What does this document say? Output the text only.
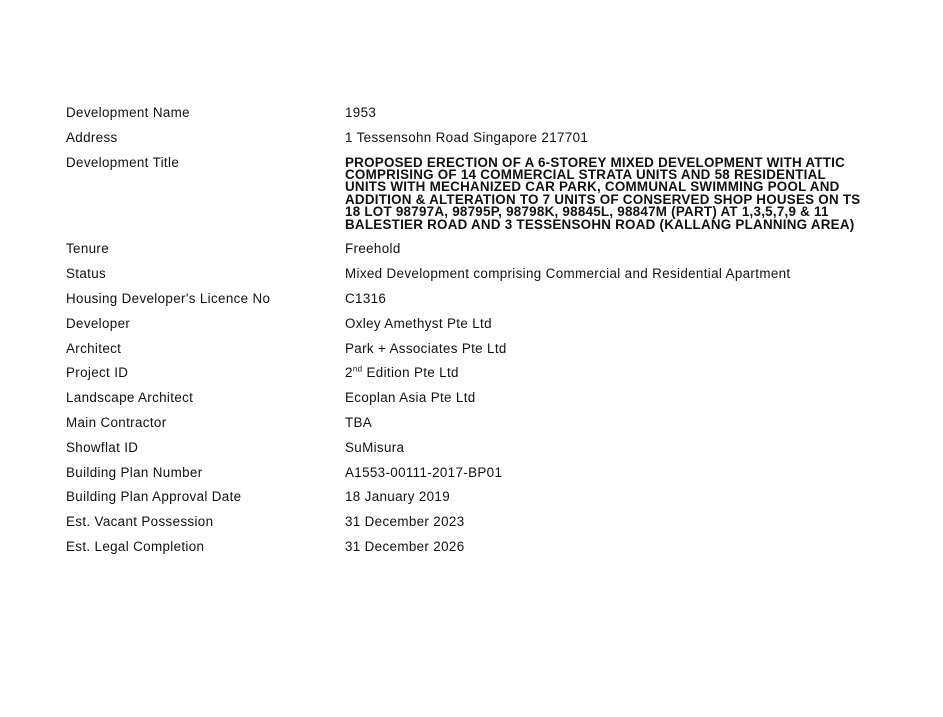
Development Name	1953
Address	1 Tessensohn Road Singapore 217701
Development Title	PROPOSED ERECTION OF A 6-STOREY MIXED DEVELOPMENT WITH ATTIC COMPRISING OF 14 COMMERCIAL STRATA UNITS AND 58 RESIDENTIAL UNITS WITH MECHANIZED CAR PARK, COMMUNAL SWIMMING POOL AND ADDITION & ALTERATION TO 7 UNITS OF CONSERVED SHOP HOUSES ON TS 18 LOT 98797A, 98795P, 98798K, 98845L, 98847M (PART) AT 1,3,5,7,9 & 11 BALESTIER ROAD AND 3 TESSENSOHN ROAD (KALLANG PLANNING AREA)
Tenure	Freehold
Status	Mixed Development comprising Commercial and Residential Apartment
Housing Developer's Licence No	C1316
Developer	Oxley Amethyst Pte Ltd
Architect	Park + Associates Pte Ltd
Project ID	2nd Edition Pte Ltd
Landscape Architect	Ecoplan Asia Pte Ltd
Main Contractor	TBA
Showflat ID	SuMisura
Building Plan Number	A1553-00111-2017-BP01
Building Plan Approval Date	18 January 2019
Est. Vacant Possession	31 December 2023
Est. Legal Completion	31 December 2026
